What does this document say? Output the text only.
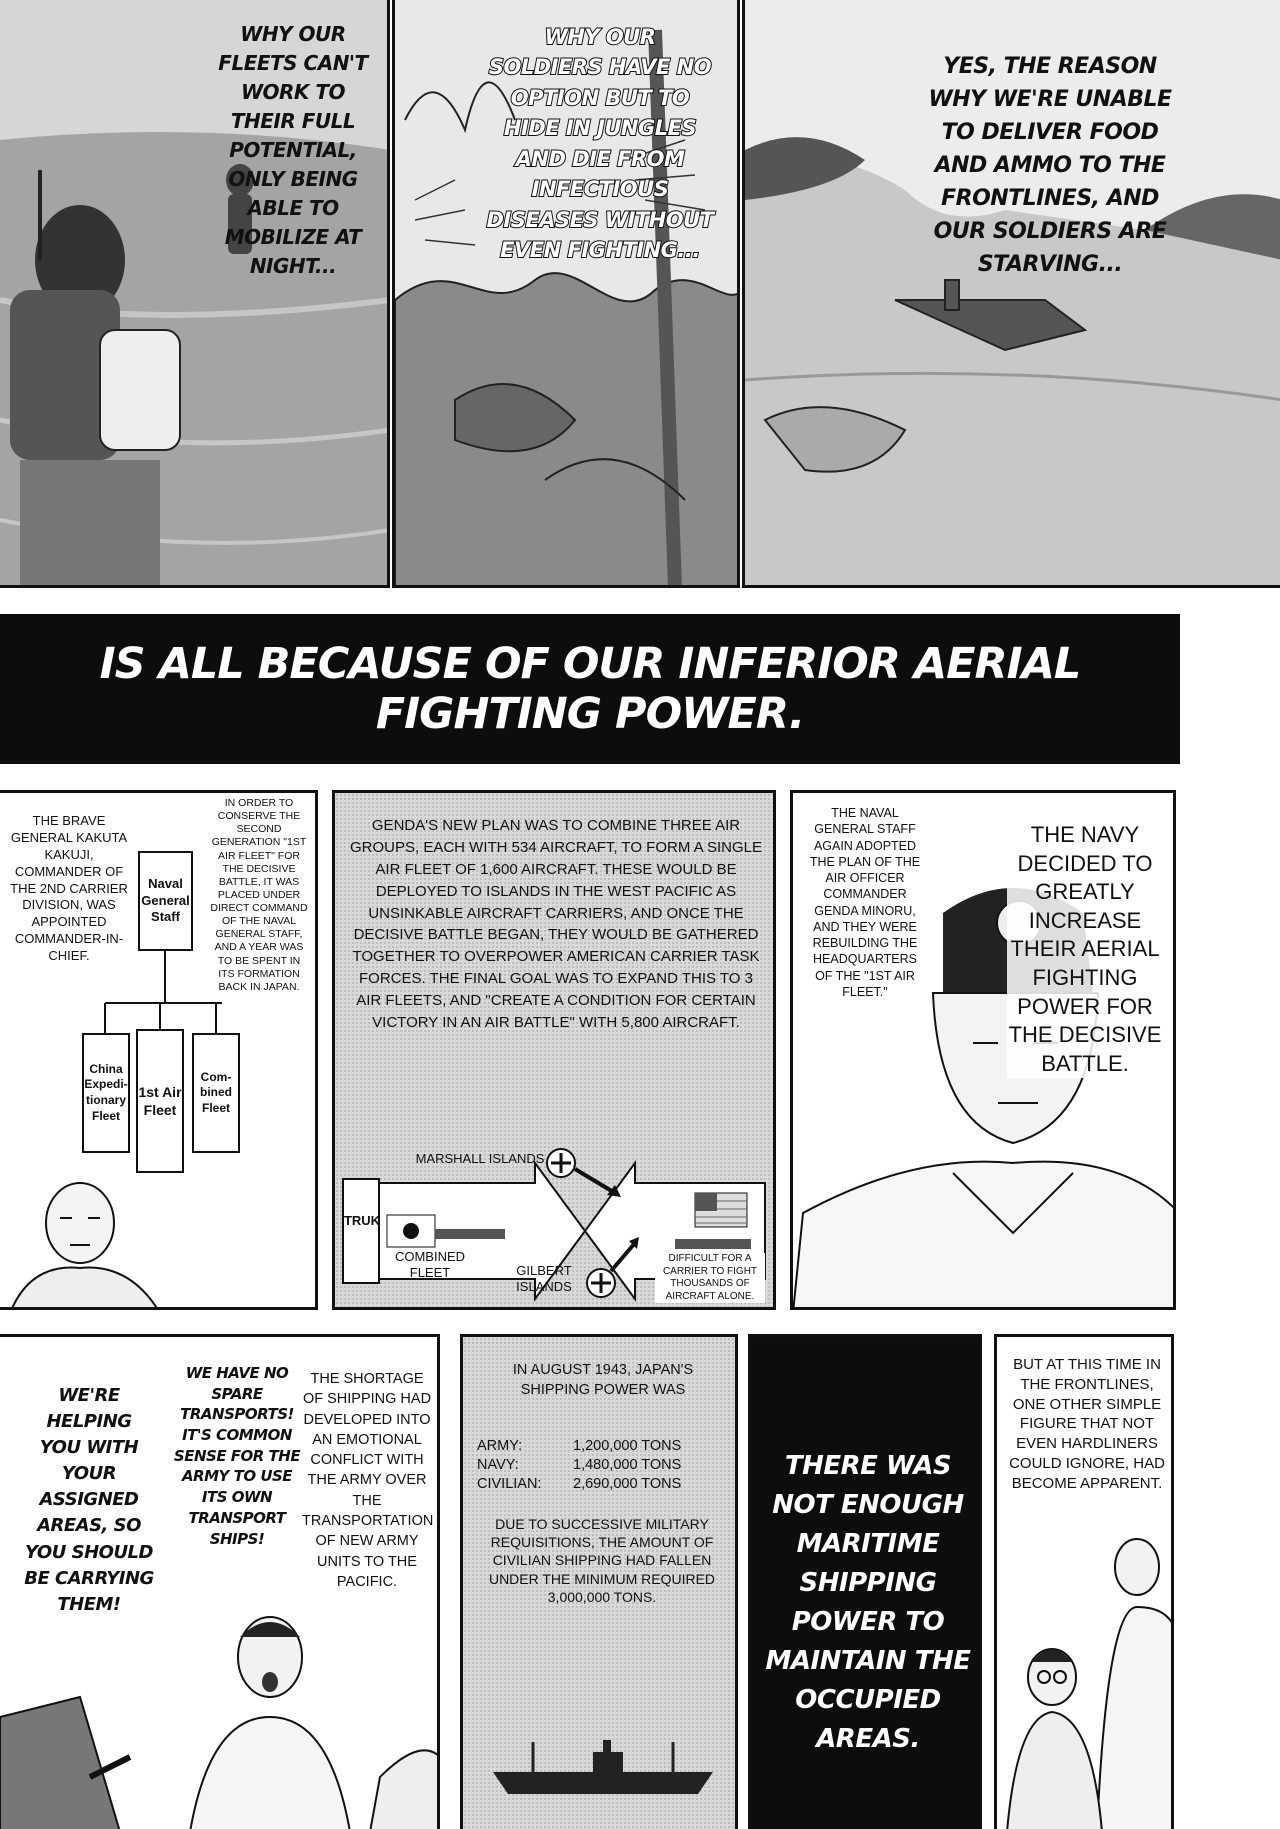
WHY OUR FLEETS CAN'T WORK TO THEIR FULL POTENTIAL, ONLY BEING ABLE TO MOBILIZE AT NIGHT...
WHY OUR SOLDIERS HAVE NO OPTION BUT TO HIDE IN JUNGLES AND DIE FROM INFECTIOUS DISEASES WITHOUT EVEN FIGHTING...
YES, THE REASON WHY WE'RE UNABLE TO DELIVER FOOD AND AMMO TO THE FRONTLINES, AND OUR SOLDIERS ARE STARVING...
IS ALL BECAUSE OF OUR INFERIOR AERIAL FIGHTING POWER.
THE BRAVE GENERAL KAKUTA KAKUJI, COMMANDER OF THE 2ND CARRIER DIVISION, WAS APPOINTED COMMANDER-IN-CHIEF.
IN ORDER TO CONSERVE THE SECOND GENERATION "1ST AIR FLEET" FOR THE DECISIVE BATTLE, IT WAS PLACED UNDER DIRECT COMMAND OF THE NAVAL GENERAL STAFF, AND A YEAR WAS TO BE SPENT IN ITS FORMATION BACK IN JAPAN.
Naval General Staff
China Expedi-tionary Fleet
1st Air Fleet
Com-bined Fleet
GENDA'S NEW PLAN WAS TO COMBINE THREE AIR GROUPS, EACH WITH 534 AIRCRAFT, TO FORM A SINGLE AIR FLEET OF 1,600 AIRCRAFT. THESE WOULD BE DEPLOYED TO ISLANDS IN THE WEST PACIFIC AS UNSINKABLE AIRCRAFT CARRIERS, AND ONCE THE DECISIVE BATTLE BEGAN, THEY WOULD BE GATHERED TOGETHER TO OVERPOWER AMERICAN CARRIER TASK FORCES. THE FINAL GOAL WAS TO EXPAND THIS TO 3 AIR FLEETS, AND "CREATE A CONDITION FOR CERTAIN VICTORY IN AN AIR BATTLE" WITH 5,800 AIRCRAFT.
TRUK
MARSHALL ISLANDS
COMBINED FLEET	GILBERT ISLANDS
DIFFICULT FOR A CARRIER TO FIGHT THOUSANDS OF AIRCRAFT ALONE.
THE NAVAL GENERAL STAFF AGAIN ADOPTED THE PLAN OF THE AIR OFFICER COMMANDER GENDA MINORU, AND THEY WERE REBUILDING THE HEADQUARTERS OF THE "1ST AIR FLEET."
THE NAVY DECIDED TO GREATLY INCREASE THEIR AERIAL FIGHTING POWER FOR THE DECISIVE BATTLE.
WE'RE HELPING YOU WITH YOUR ASSIGNED AREAS, SO YOU SHOULD BE CARRYING THEM!
WE HAVE NO SPARE TRANSPORTS! IT'S COMMON SENSE FOR THE ARMY TO USE ITS OWN TRANSPORT SHIPS!
THE SHORTAGE OF SHIPPING HAD DEVELOPED INTO AN EMOTIONAL CONFLICT WITH THE ARMY OVER THE TRANSPORTATION OF NEW ARMY UNITS TO THE PACIFIC.
IN AUGUST 1943, JAPAN'S SHIPPING POWER WAS
ARMY:	1,200,000 TONS
NAVY:	1,480,000 TONS
CIVILIAN:	2,690,000 TONS
DUE TO SUCCESSIVE MILITARY REQUISITIONS, THE AMOUNT OF CIVILIAN SHIPPING HAD FALLEN UNDER THE MINIMUM REQUIRED 3,000,000 TONS.
THERE WAS NOT ENOUGH MARITIME SHIPPING POWER TO MAINTAIN THE OCCUPIED AREAS.
BUT AT THIS TIME IN THE FRONTLINES, ONE OTHER SIMPLE FIGURE THAT NOT EVEN HARDLINERS COULD IGNORE, HAD BECOME APPARENT.
